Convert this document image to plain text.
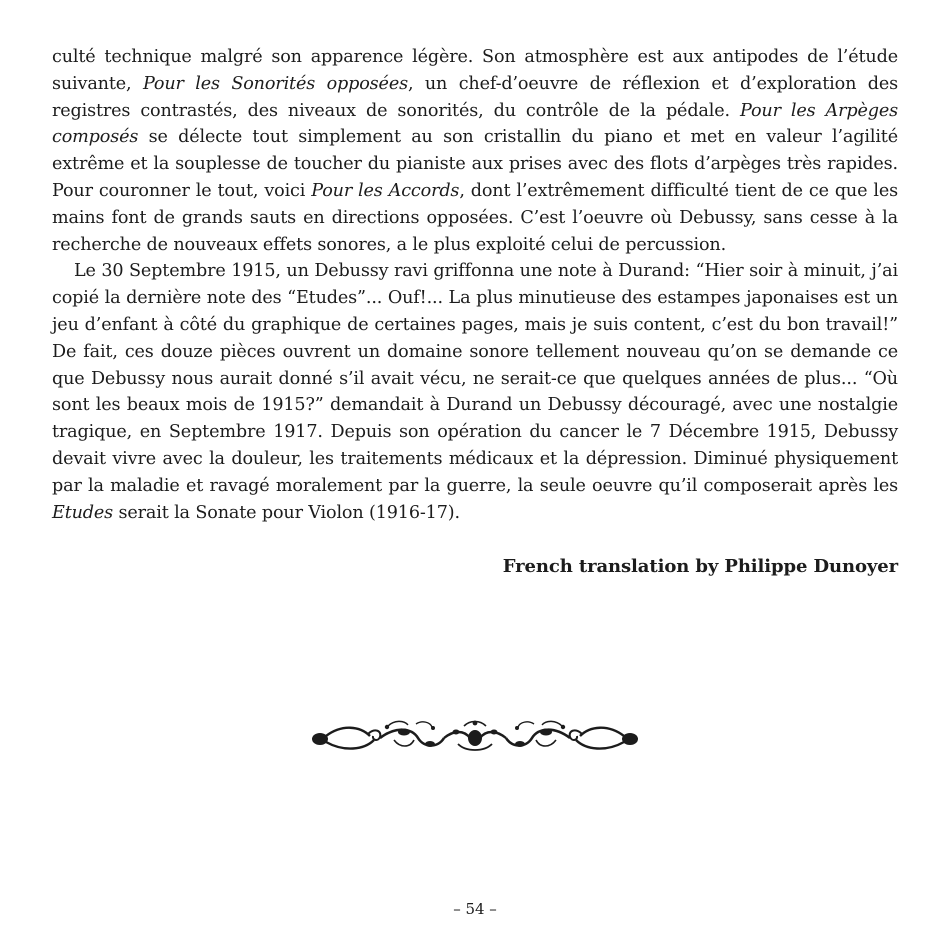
culté technique malgré son apparence légère. Son atmosphère est aux antipodes de l’étude suivante, Pour les Sonorités opposées, un chef-d’oeuvre de réflexion et d’exploration des registres contrastés, des niveaux de sonorités, du contrôle de la pédale. Pour les Arpèges composés se délecte tout simplement au son cristallin du piano et met en valeur l’agilité extrême et la souplesse de toucher du pianiste aux prises avec des flots d’arpèges très rapides. Pour couronner le tout, voici Pour les Accords, dont l’extrêmement difficulté tient de ce que les mains font de grands sauts en directions opposées. C’est l’oeuvre où Debussy, sans cesse à la recherche de nouveaux effets sonores, a le plus exploité celui de percussion.

Le 30 Septembre 1915, un Debussy ravi griffonna une note à Durand: “Hier soir à minuit, j’ai copié la dernière note des “Etudes”... Ouf!... La plus minutieuse des estampes japonaises est un jeu d’enfant à côté du graphique de certaines pages, mais je suis content, c’est du bon travail!” De fait, ces douze pièces ouvrent un domaine sonore tellement nouveau qu’on se demande ce que Debussy nous aurait donné s’il avait vécu, ne serait-ce que quelques années de plus... “Où sont les beaux mois de 1915?” demandait à Durand un Debussy découragé, avec une nostalgie tragique, en Septembre 1917. Depuis son opération du cancer le 7 Décembre 1915, Debussy devait vivre avec la douleur, les traitements médicaux et la dépression. Diminué physiquement par la maladie et ravagé moralement par la guerre, la seule oeuvre qu’il composerait après les Etudes serait la Sonate pour Violon (1916-17).

French translation by Philippe Dunoyer
– 54 –
